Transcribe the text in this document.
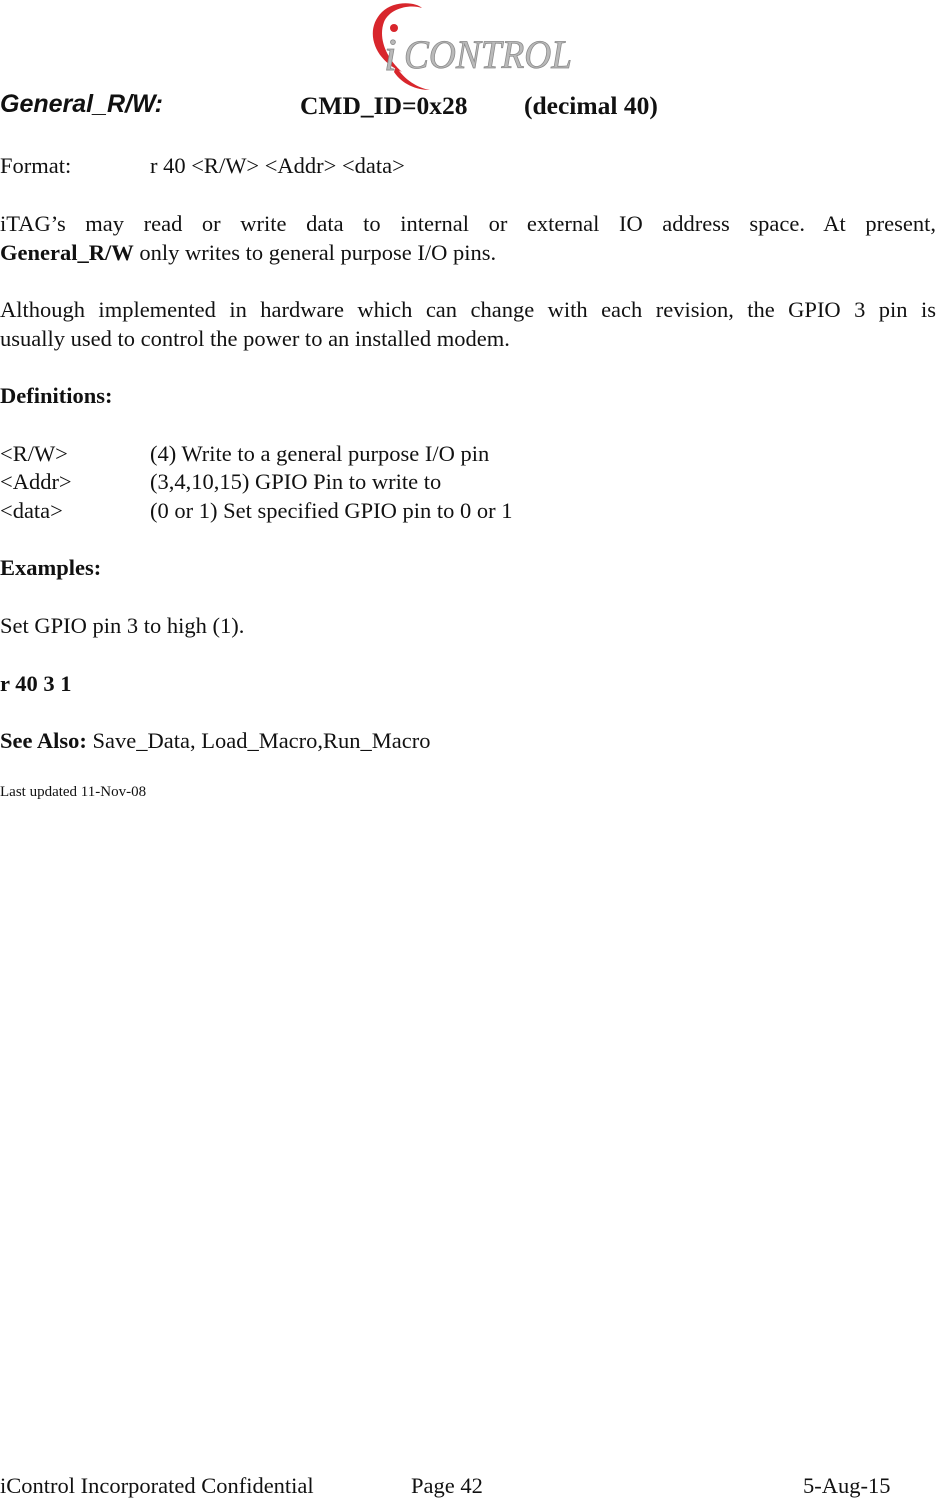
i CONTROL
General_R/W:	CMD_ID=0x28 (decimal 40)
Format:	r 40 <R/W> <Addr> <data>
iTAG’s may read or write data to internal or external IO address space. At present,
General_R/W only writes to general purpose I/O pins.
Although implemented in hardware which can change with each revision, the GPIO 3 pin is
usually used to control the power to an installed modem.
Definitions:
<R/W>	(4) Write to a general purpose I/O pin
<Addr>	(3,4,10,15) GPIO Pin to write to
<data>	(0 or 1) Set specified GPIO pin to 0 or 1
Examples:
Set GPIO pin 3 to high (1).
r 40 3 1
See Also: Save_Data, Load_Macro,Run_Macro
Last updated 11-Nov-08
iControl Incorporated Confidential	Page 42	5-Aug-15
